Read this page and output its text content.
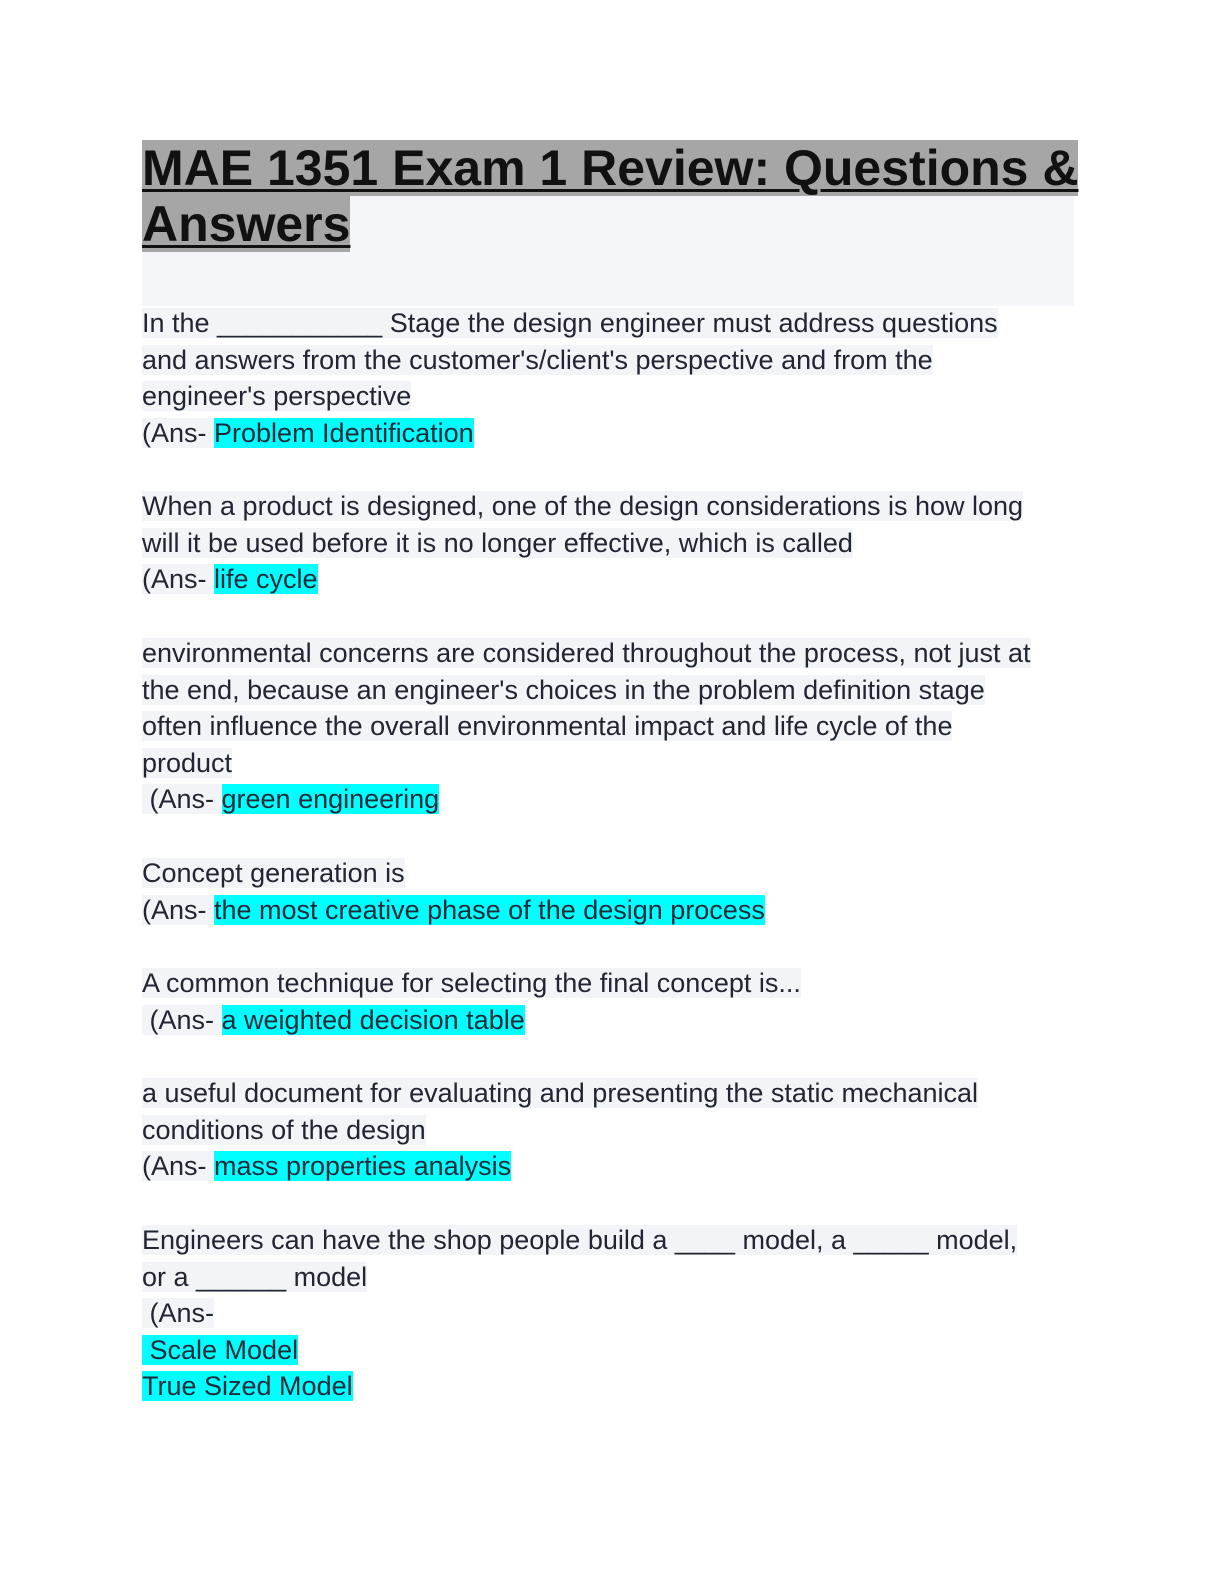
MAE 1351 Exam 1 Review: Questions &
Answers
In the ___________ Stage the design engineer must address questions
and answers from the customer's/client's perspective and from the
engineer's perspective
(Ans- Problem Identification
When a product is designed, one of the design considerations is how long
will it be used before it is no longer effective, which is called
(Ans- life cycle
environmental concerns are considered throughout the process, not just at
the end, because an engineer's choices in the problem definition stage
often influence the overall environmental impact and life cycle of the
product
(Ans- green engineering
Concept generation is
(Ans- the most creative phase of the design process
A common technique for selecting the final concept is...
(Ans- a weighted decision table
a useful document for evaluating and presenting the static mechanical
conditions of the design
(Ans- mass properties analysis
Engineers can have the shop people build a ____ model, a _____ model,
or a ______ model
(Ans-
Scale Model
True Sized Model
